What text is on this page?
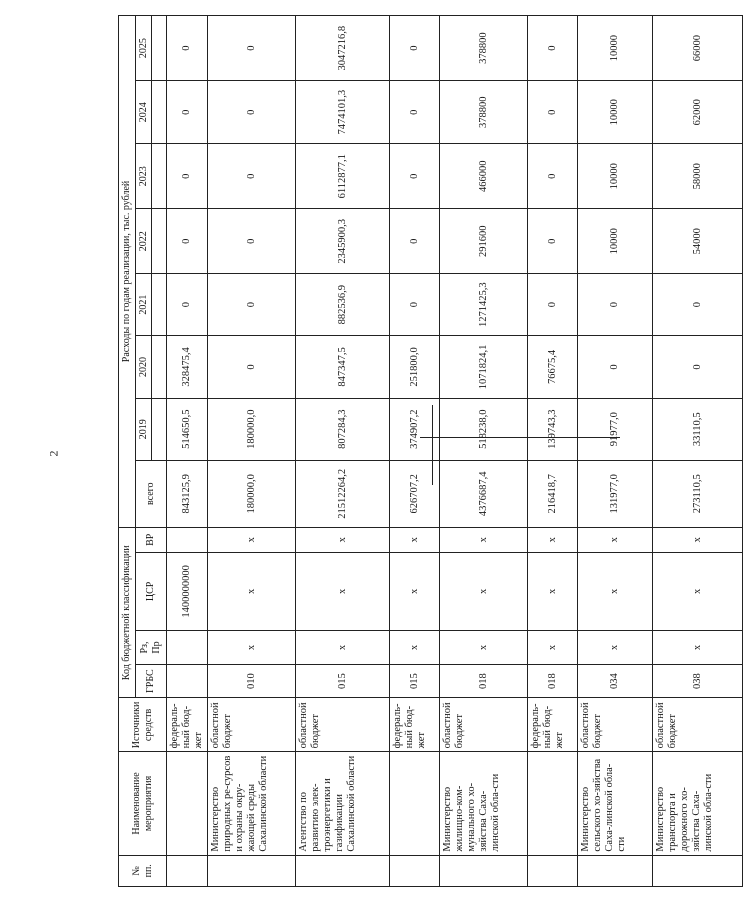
2
№ пп.	Наименование мероприятия	Источники средств	Код бюджетной классификации				Расходы по годам реализации, тыс. рублей							
			ГРБС	Рз, Пр	ЦСР	ВР	всего	2019	2020	2021	2022	2023	2024	2025

		федераль-ный бюд-жет			1400000000		843125,9	514650,5	328475,4	0	0	0	0	0
	Министерство природных ре-сурсов и охраны окру-жающей среды Сахалинской области	областной бюджет	010	х	х	х	180000,0	180000,0	0	0	0	0	0	0
	Агентство по развитию элек-троэнергетики и газификации Сахалинской области	областной бюджет	015	х	х	х	21512264,2	807284,3	847347,5	882536,9	2345900,3	6112877,1	7474101,3	3047216,8
		федераль-ный бюд-жет	015	х	х	х	626707,2	374907,2	251800,0	0	0	0	0	0
	Министерство жилищно-ком-мунального хо-зяйства Саха-линской обла-сти	областной бюджет	018	х	х	х	4376687,4	518238,0	1071824,1	1271425,3	291600	466000	378800	378800
		федераль-ный бюд-жет	018	х	х	х	216418,7	139743,3	76675,4	0	0	0	0	0
	Министерство сельского хо-зяйства Саха-линской обла-сти	областной бюджет	034	х	х	х	131977,0	91977,0	0	0	10000	10000	10000	10000
	Министерство транспорта и дорожного хо-зяйства Саха-линской обла-сти	областной бюджет	038	х	х	х	273110,5	33110,5	0	0	54000	58000	62000	66000
